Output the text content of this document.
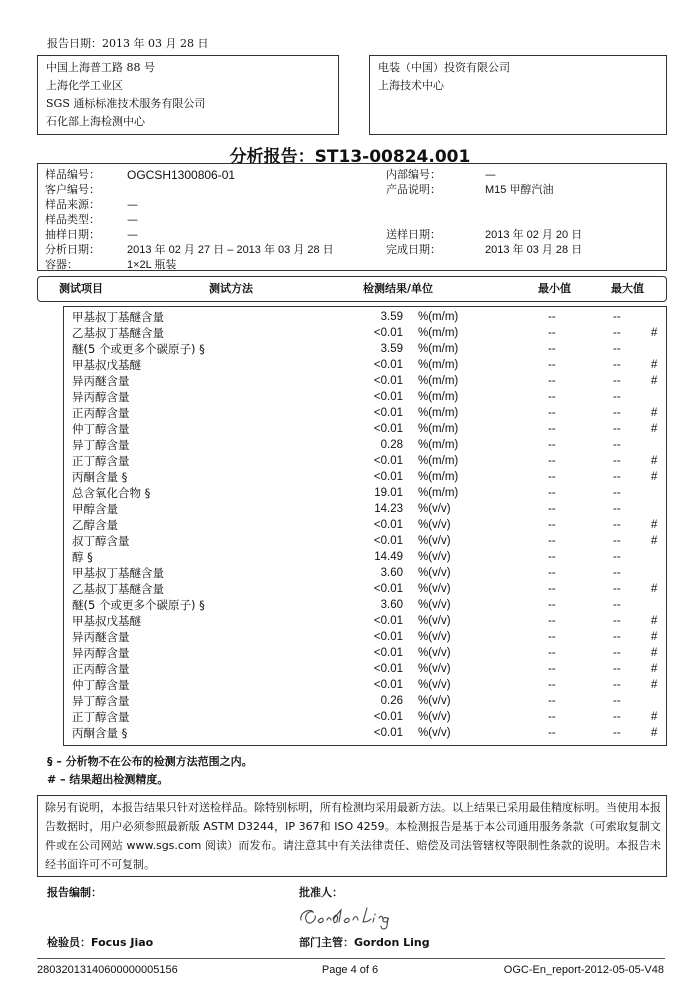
报告日期：2013 年 03 月 28 日
中国上海普工路 88 号
上海化学工业区
SGS 通标标准技术服务有限公司
石化部上海检测中心
电装（中国）投资有限公司
上海技术中心
分析报告：ST13-00824.001
样品编号： OGCSH1300806-01	内部编号：	—
客户编号：	产品说明：	M15 甲醇汽油
样品来源： —
样品类型： —
抽样日期： —	送样日期：	2013 年 02 月 20 日
分析日期： 2013 年 02 月 27 日 – 2013 年 03 月 28 日	完成日期：	2013 年 03 月 28 日
容器：	1×2L 瓶装
测试项目	测试方法	检测结果/单位	最小值	最大值
甲基叔丁基醚含量	3.59 %(m/m)	--	--
乙基叔丁基醚含量	<0.01 %(m/m)	--	--	#
醚(5 个或更多个碳原子) §	3.59 %(m/m)	--	--
甲基叔戊基醚	<0.01 %(m/m)	--	--	#
异丙醚含量	<0.01 %(m/m)	--	--	#
异丙醇含量	<0.01 %(m/m)	--	--
正丙醇含量	<0.01 %(m/m)	--	--	#
仲丁醇含量	<0.01 %(m/m)	--	--	#
异丁醇含量	0.28 %(m/m)	--	--
正丁醇含量	<0.01 %(m/m)	--	--	#
丙酮含量 §	<0.01 %(m/m)	--	--	#
总含氧化合物 §	19.01 %(m/m)	--	--
甲醇含量	14.23 %(v/v)	--	--
乙醇含量	<0.01 %(v/v)	--	--	#
叔丁醇含量	<0.01 %(v/v)	--	--	#
醇 §	14.49 %(v/v)	--	--
甲基叔丁基醚含量	3.60 %(v/v)	--	--
乙基叔丁基醚含量	<0.01 %(v/v)	--	--	#
醚(5 个或更多个碳原子) §	3.60 %(v/v)	--	--
甲基叔戊基醚	<0.01 %(v/v)	--	--	#
异丙醚含量	<0.01 %(v/v)	--	--	#
异丙醇含量	<0.01 %(v/v)	--	--	#
正丙醇含量	<0.01 %(v/v)	--	--	#
仲丁醇含量	<0.01 %(v/v)	--	--	#
异丁醇含量	0.26 %(v/v)	--	--
正丁醇含量	<0.01 %(v/v)	--	--	#
丙酮含量 §	<0.01 %(v/v)	--	--	#
§ – 分析物不在公布的检测方法范围之内。
# – 结果超出检测精度。
除另有说明，本报告结果只针对送检样品。除特别标明，所有检测均采用最新方法。以上结果已采用最佳精度标明。当使用本报告数据时，用户必须参照最新版 ASTM D3244，IP 367和 ISO 4259。本检测报告是基于本公司通用服务条款（可索取复制文件或在公司网站 www.sgs.com 阅读）而发布。请注意其中有关法律责任、赔偿及司法管辖权等限制性条款的说明。本报告未经书面许可不可复制。
报告编制：	批准人：
检验员：Focus Jiao	部门主管：Gordon Ling
28032013140600000005156	Page 4 of 6	OGC-En_report-2012-05-05-V48
